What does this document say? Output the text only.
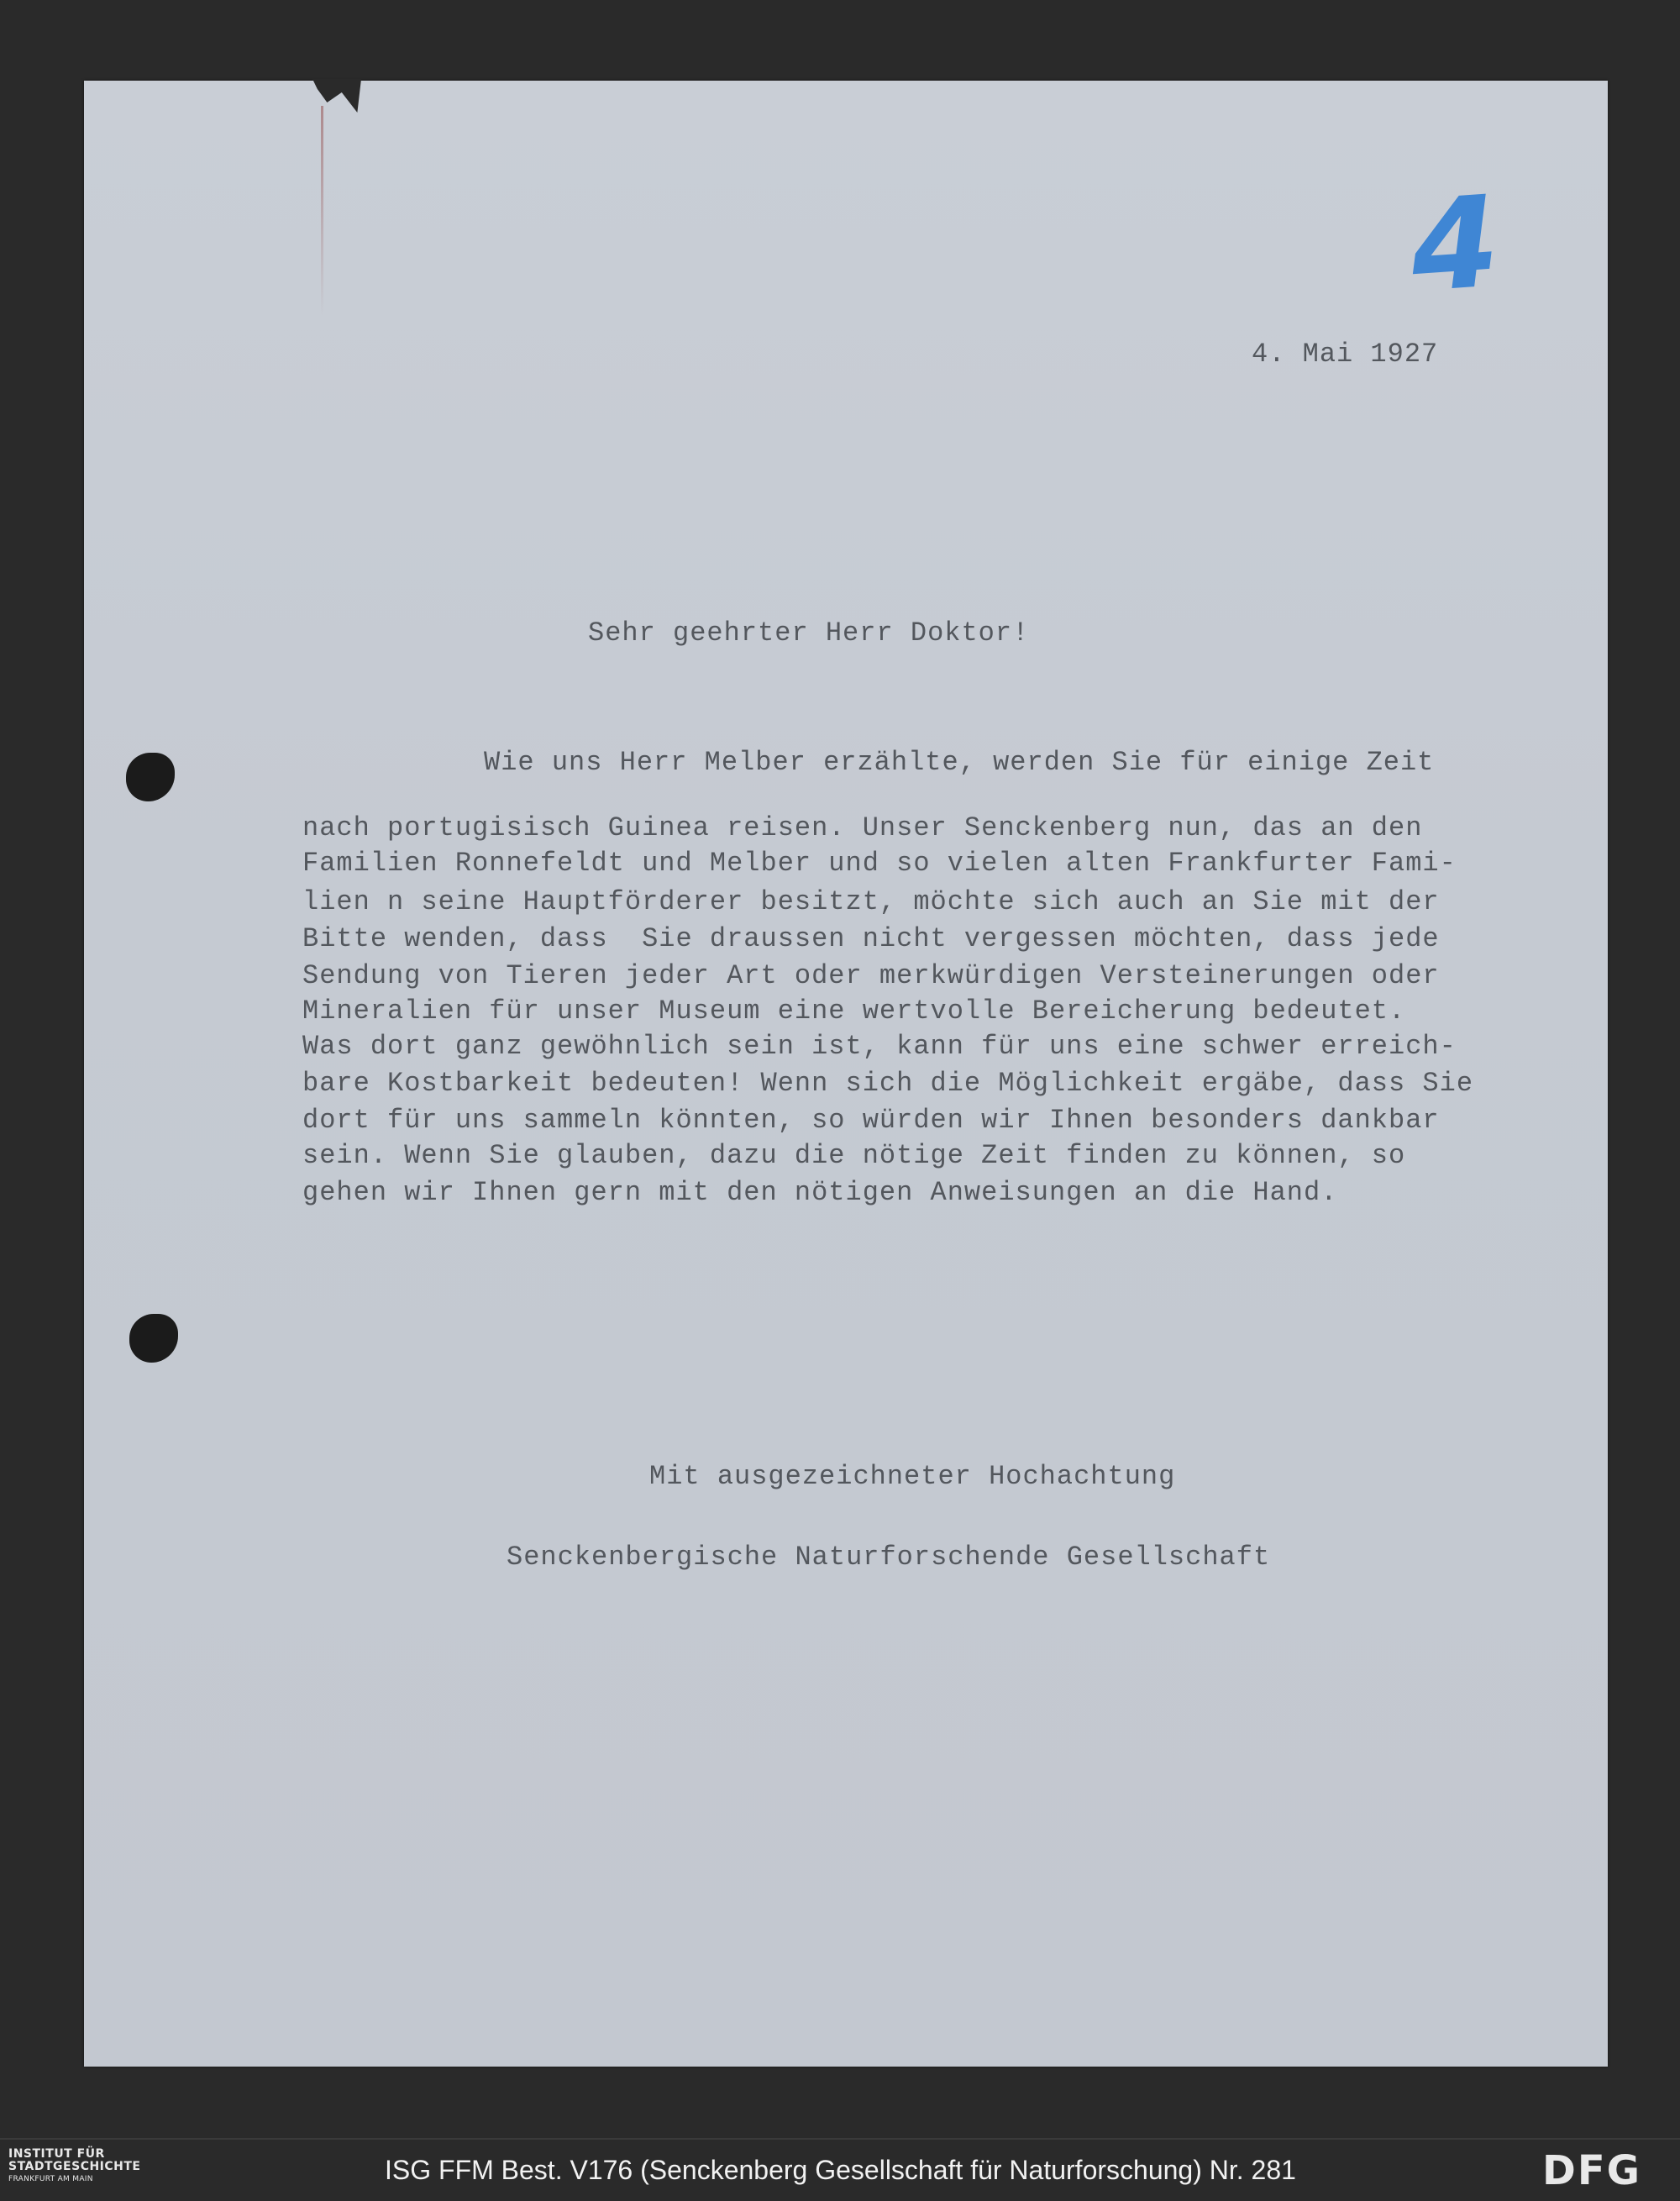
4
4. Mai 1927
Sehr geehrter Herr Doktor!
Wie uns Herr Melber erzählte, werden Sie für einige Zeit
nach portugisisch Guinea reisen. Unser Senckenberg nun, das an den
Familien Ronnefeldt und Melber und so vielen alten Frankfurter Fami-
lien n seine Hauptförderer besitzt, möchte sich auch an Sie mit der
Bitte wenden, dass  Sie draussen nicht vergessen möchten, dass jede
Sendung von Tieren jeder Art oder merkwürdigen Versteinerungen oder
Mineralien für unser Museum eine wertvolle Bereicherung bedeutet.
Was dort ganz gewöhnlich sein ist, kann für uns eine schwer erreich-
bare Kostbarkeit bedeuten! Wenn sich die Möglichkeit ergäbe, dass Sie
dort für uns sammeln könnten, so würden wir Ihnen besonders dankbar
sein. Wenn Sie glauben, dazu die nötige Zeit finden zu können, so
gehen wir Ihnen gern mit den nötigen Anweisungen an die Hand.
Mit ausgezeichneter Hochachtung
Senckenbergische Naturforschende Gesellschaft
INSTITUT FÜR
STADTGESCHICHTE
FRANKFURT AM MAIN	ISG FFM Best. V176 (Senckenberg Gesellschaft für Naturforschung) Nr. 281	DFG
